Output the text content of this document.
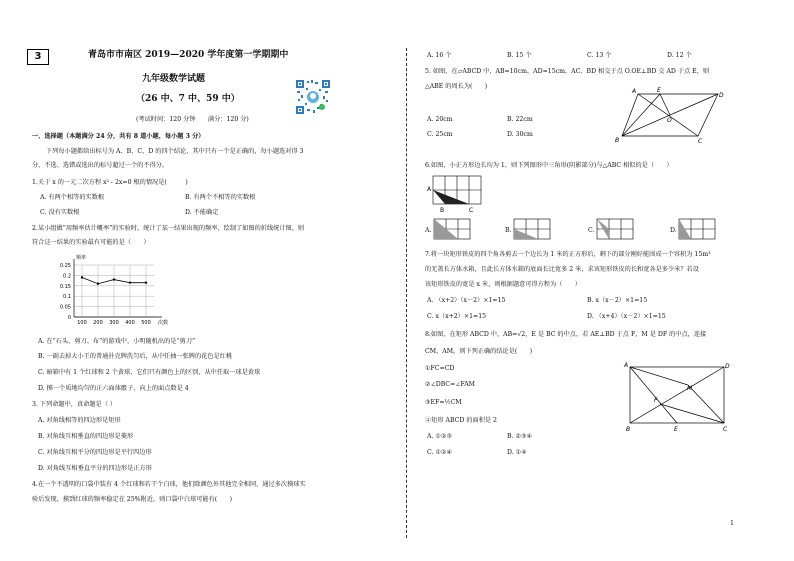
3	青岛市市南区 2019—2020 学年度第一学期期中
九年级数学试题
（26 中、7 中、59 中）
(考试时间：120 分钟　　满分：120 分)
一、选择题（本题满分 24 分，共有 8 道小题，每小题 3 分）
下列每小题都给出标号为 A、B、C、D 的四个结论，其中只有一个是正确的，每小题选对得 3
分，不选、选错或选出的标号超过一个的不得分。
1.关于 x 的一元二次方程 x² - 2x=0 根的情况是(　　　)
A. 有两个相等的实数根	B. 有两个不相等的实数根
C. 没有实数根	D. 不能确定
2.某小组做“用频率估计概率”的实验时，统计了某一结果出现的频率，绘制了如图的折线统计图，则
符合这一结果的实验最有可能的是（　　）
0.25
0.2
0.15
0.1
0.05
0
100 200 300 400 500
频率
次数
A. 在“石头、剪刀、布”的游戏中，小明随机出的是“剪刀”
B. 一副去掉大小王的普通扑克牌洗匀后，从中任抽一张牌的花色是红桃
C. 暗箱中有 1 个红球和 2 个黄球，它们只有颜色上的区别，从中任取一球是黄球
D. 掷一个质地均匀的正六面体骰子，向上的面点数是 4
3. 下列命题中，真命题是（ ）
A. 对角线相等的四边形是矩形
B. 对角线互相垂直的四边形是菱形
C. 对角线互相平分的四边形是平行四边形
D. 对角线互相垂直平分的四边形是正方形
4.在一个不透明的口袋中装有 4 个红球和若干个白球，他们除颜色外其他完全相同，通过多次摸球实
验后发现，摸到红球的频率稳定在 25%附近，则口袋中白球可能有(　　)
A. 16 个	B. 15 个	C. 13 个	D. 12 个
5. 如图，在▱ABCD 中，AB=10cm，AD=15cm，AC、BD 相交于点 O.OE⊥BD 交 AD 于点 E，则
△ABE 的周长为(　　)
A	E
D
O
B	C
A. 20cm	B. 22cm
C. 25cm	D. 30cm
6.如图，小正方形边长均为 1，则下列图形中三角形(阴影部分)与△ABC 相似的是（　　）
A
B	C
A.	B.	C.	D.
7.将一块矩形铁皮的四个角各剪去一个边长为 1 米的正方形后，剩下的部分刚好能围成一个容积为 15m³
的无盖长方体水箱，且此长方体水箱的底面长比宽多 2 米，求该矩形铁皮的长和宽各是多少米？若设
该矩形铁皮的宽是 x 米，则根据题意可得方程为（　　）
A. （x+2）（x－2）×1=15	B. x（x－2）×1=15
C. x（x+2）×1=15	D. （x+4）（x－2）×1=15
8.如图，在矩形 ABCD 中，AB=√2，E 是 BC 的中点，若 AE⊥BD 于点 F，M 是 DF 的中点，连接
CM、AM，则下列正确的结论是(　　)
①FC=CD
②∠DBC=∠FAM
③EF=½CM
④矩形 ABCD 的面积是 2
A. ①②③	B. ②③④
C. ①②④	D. ①④
A	D
M
F
B	E	C
1
